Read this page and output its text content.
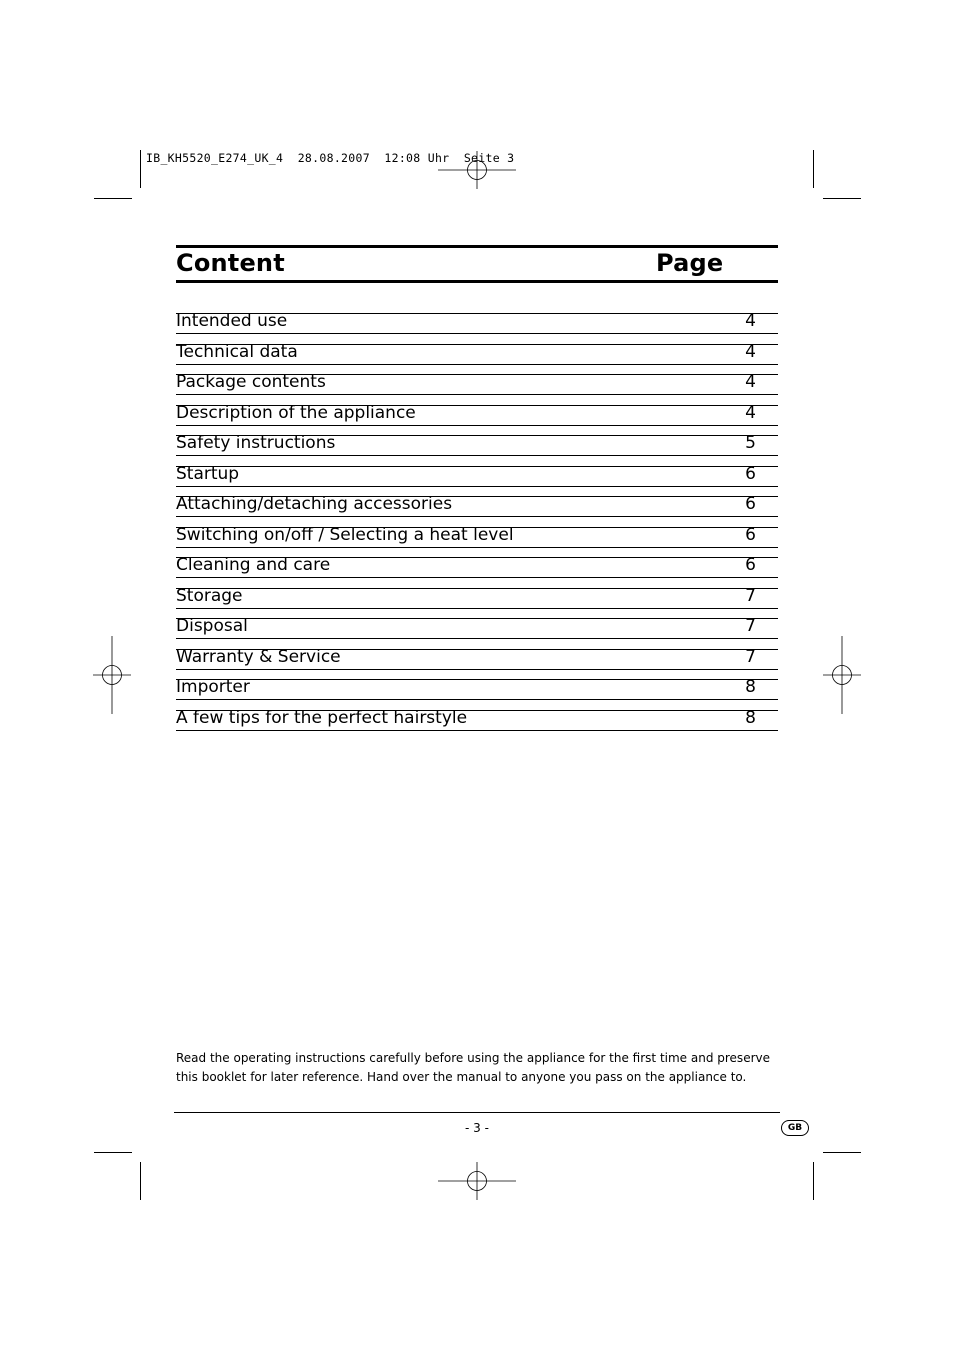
IB_KH5520_E274_UK_4  28.08.2007  12:08 Uhr  Seite 3
Content	Page
Intended use	4
Technical data	4
Package contents	4
Description of the appliance	4
Safety instructions	5
Startup	6
Attaching/detaching accessories	6
Switching on/off / Selecting a heat level	6
Cleaning and care	6
Storage	7
Disposal	7
Warranty & Service	7
Importer	8
A few tips for the perfect hairstyle	8
Read the operating instructions carefully before using the appliance for the first time and preserve this booklet for later reference. Hand over the manual to anyone you pass on the appliance to.
- 3 -	GB
